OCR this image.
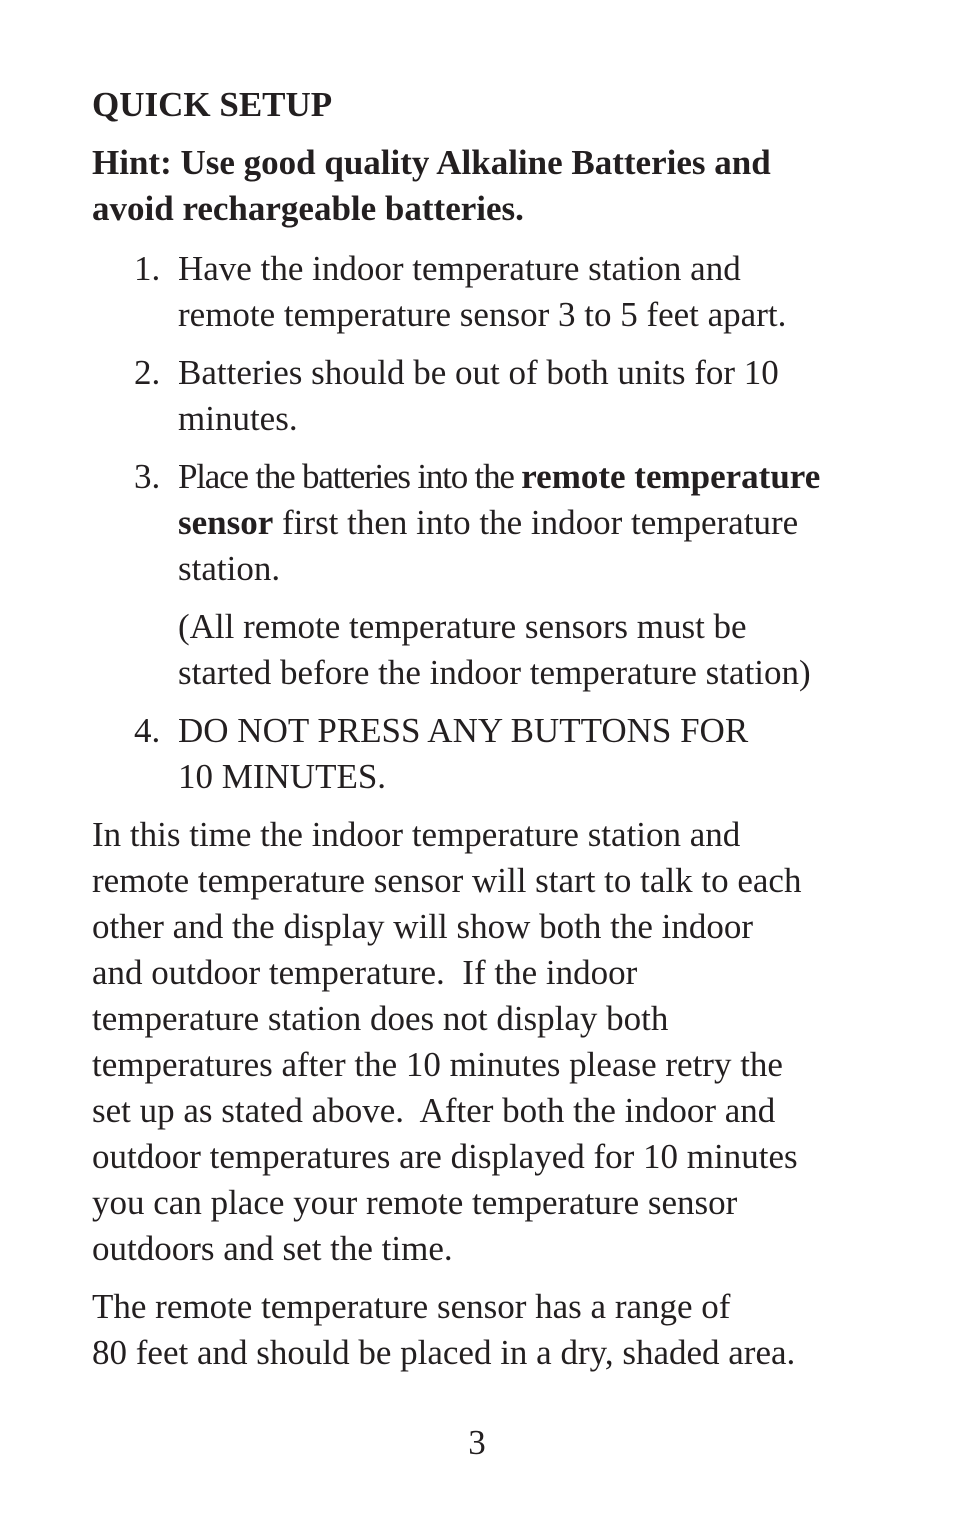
QUICK SETUP
Hint: Use good quality Alkaline Batteries and
avoid rechargeable batteries.
1. Have the indoor temperature station and
remote temperature sensor 3 to 5 feet apart.
2. Batteries should be out of both units for 10
minutes.
3. Place the batteries into the remote temperature
sensor first then into the indoor temperature
station.
(All remote temperature sensors must be
started before the indoor temperature station)
4. DO NOT PRESS ANY BUTTONS FOR
10 MINUTES.
In this time the indoor temperature station and
remote temperature sensor will start to talk to each
other and the display will show both the indoor
and outdoor temperature.  If the indoor
temperature station does not display both
temperatures after the 10 minutes please retry the
set up as stated above.  After both the indoor and
outdoor temperatures are displayed for 10 minutes
you can place your remote temperature sensor
outdoors and set the time.
The remote temperature sensor has a range of
80 feet and should be placed in a dry, shaded area.
3
